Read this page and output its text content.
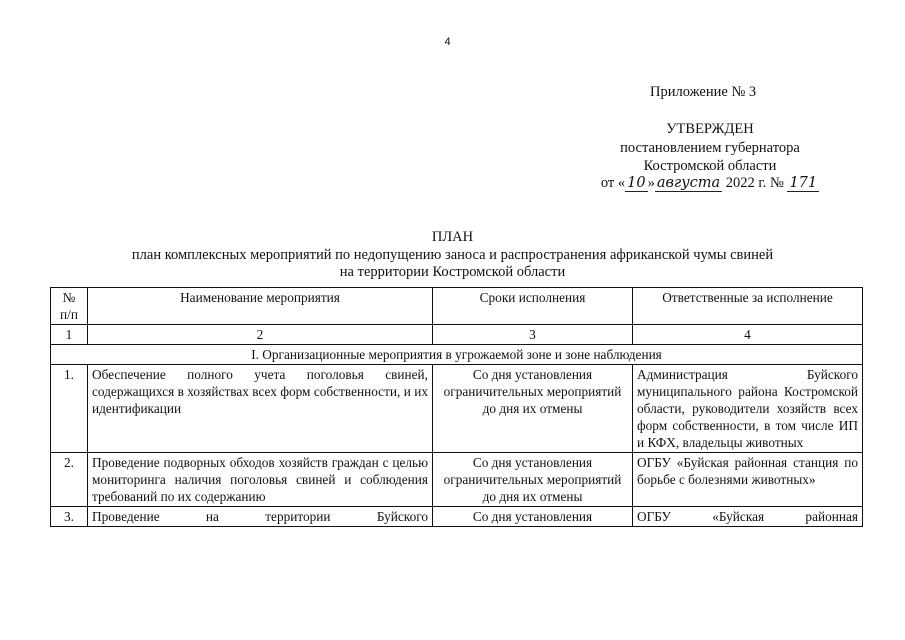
4
Приложение № 3
УТВЕРЖДЕН
постановлением губернатора
Костромской области
от « 10 » августа 2022 г. № 171
ПЛАН
план комплексных мероприятий по недопущению заноса и распространения африканской чумы свиней
на территории Костромской области
№
п/п	Наименование мероприятия	Сроки исполнения	Ответственные за исполнение
1	2	3	4
I. Организационные мероприятия в угрожаемой зоне и зоне наблюдения			
1.	Обеспечение полного учета поголовья свиней, содержащихся в хозяйствах всех форм собственности, и их идентификации	Со дня установления ограничительных мероприятий до дня их отмены	Администрация Буйского муниципального района Костромской области, руководители хозяйств всех форм собственности, в том числе ИП и КФХ, владельцы животных
2.	Проведение подворных обходов хозяйств граждан с целью мониторинга наличия поголовья свиней и соблюдения требований по их содержанию	Со дня установления ограничительных мероприятий до дня их отмены	ОГБУ «Буйская районная станция по борьбе с болезнями животных»
3.	Проведение на территории Буйского	Со дня установления	ОГБУ «Буйская районная
